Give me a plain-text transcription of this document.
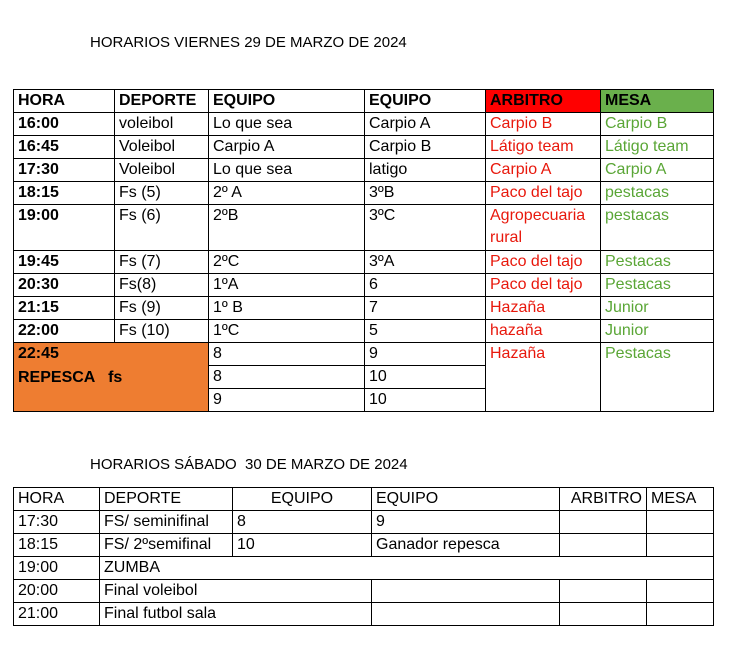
HORARIOS VIERNES 29 DE MARZO DE 2024
HORA	DEPORTE	EQUIPO	EQUIPO	ARBITRO	MESA
16:00	voleibol	Lo que sea	Carpio A	Carpio B	Carpio B
16:45	Voleibol	Carpio A	Carpio B	Látigo team	Látigo team
17:30	Voleibol	Lo que sea	latigo	Carpio A	Carpio A
18:15	Fs (5)	2º A	3ºB	Paco del tajo	pestacas
19:00	Fs (6)	2ºB	3ºC	Agropecuaria rural	pestacas
19:45	Fs (7)	2ºC	3ºA	Paco del tajo	Pestacas
20:30	Fs(8)	1ºA	6	Paco del tajo	Pestacas
21:15	Fs (9)	1º B	7	Hazaña	Junior
22:00	Fs (10)	1ºC	5	hazaña	Junior

22:45
REPESCA   fs		8	9	Hazaña	Pestacas
		8	10		
		9	10		
HORARIOS SÁBADO  30 DE MARZO DE 2024
HORA	DEPORTE	EQUIPO	EQUIPO	ARBITRO	MESA
17:30	FS/ seminifinal	8	9		
18:15	FS/ 2ºsemifinal	10	Ganador repesca		
19:00	ZUMBA				
20:00	Final voleibol				
21:00	Final futbol sala				
